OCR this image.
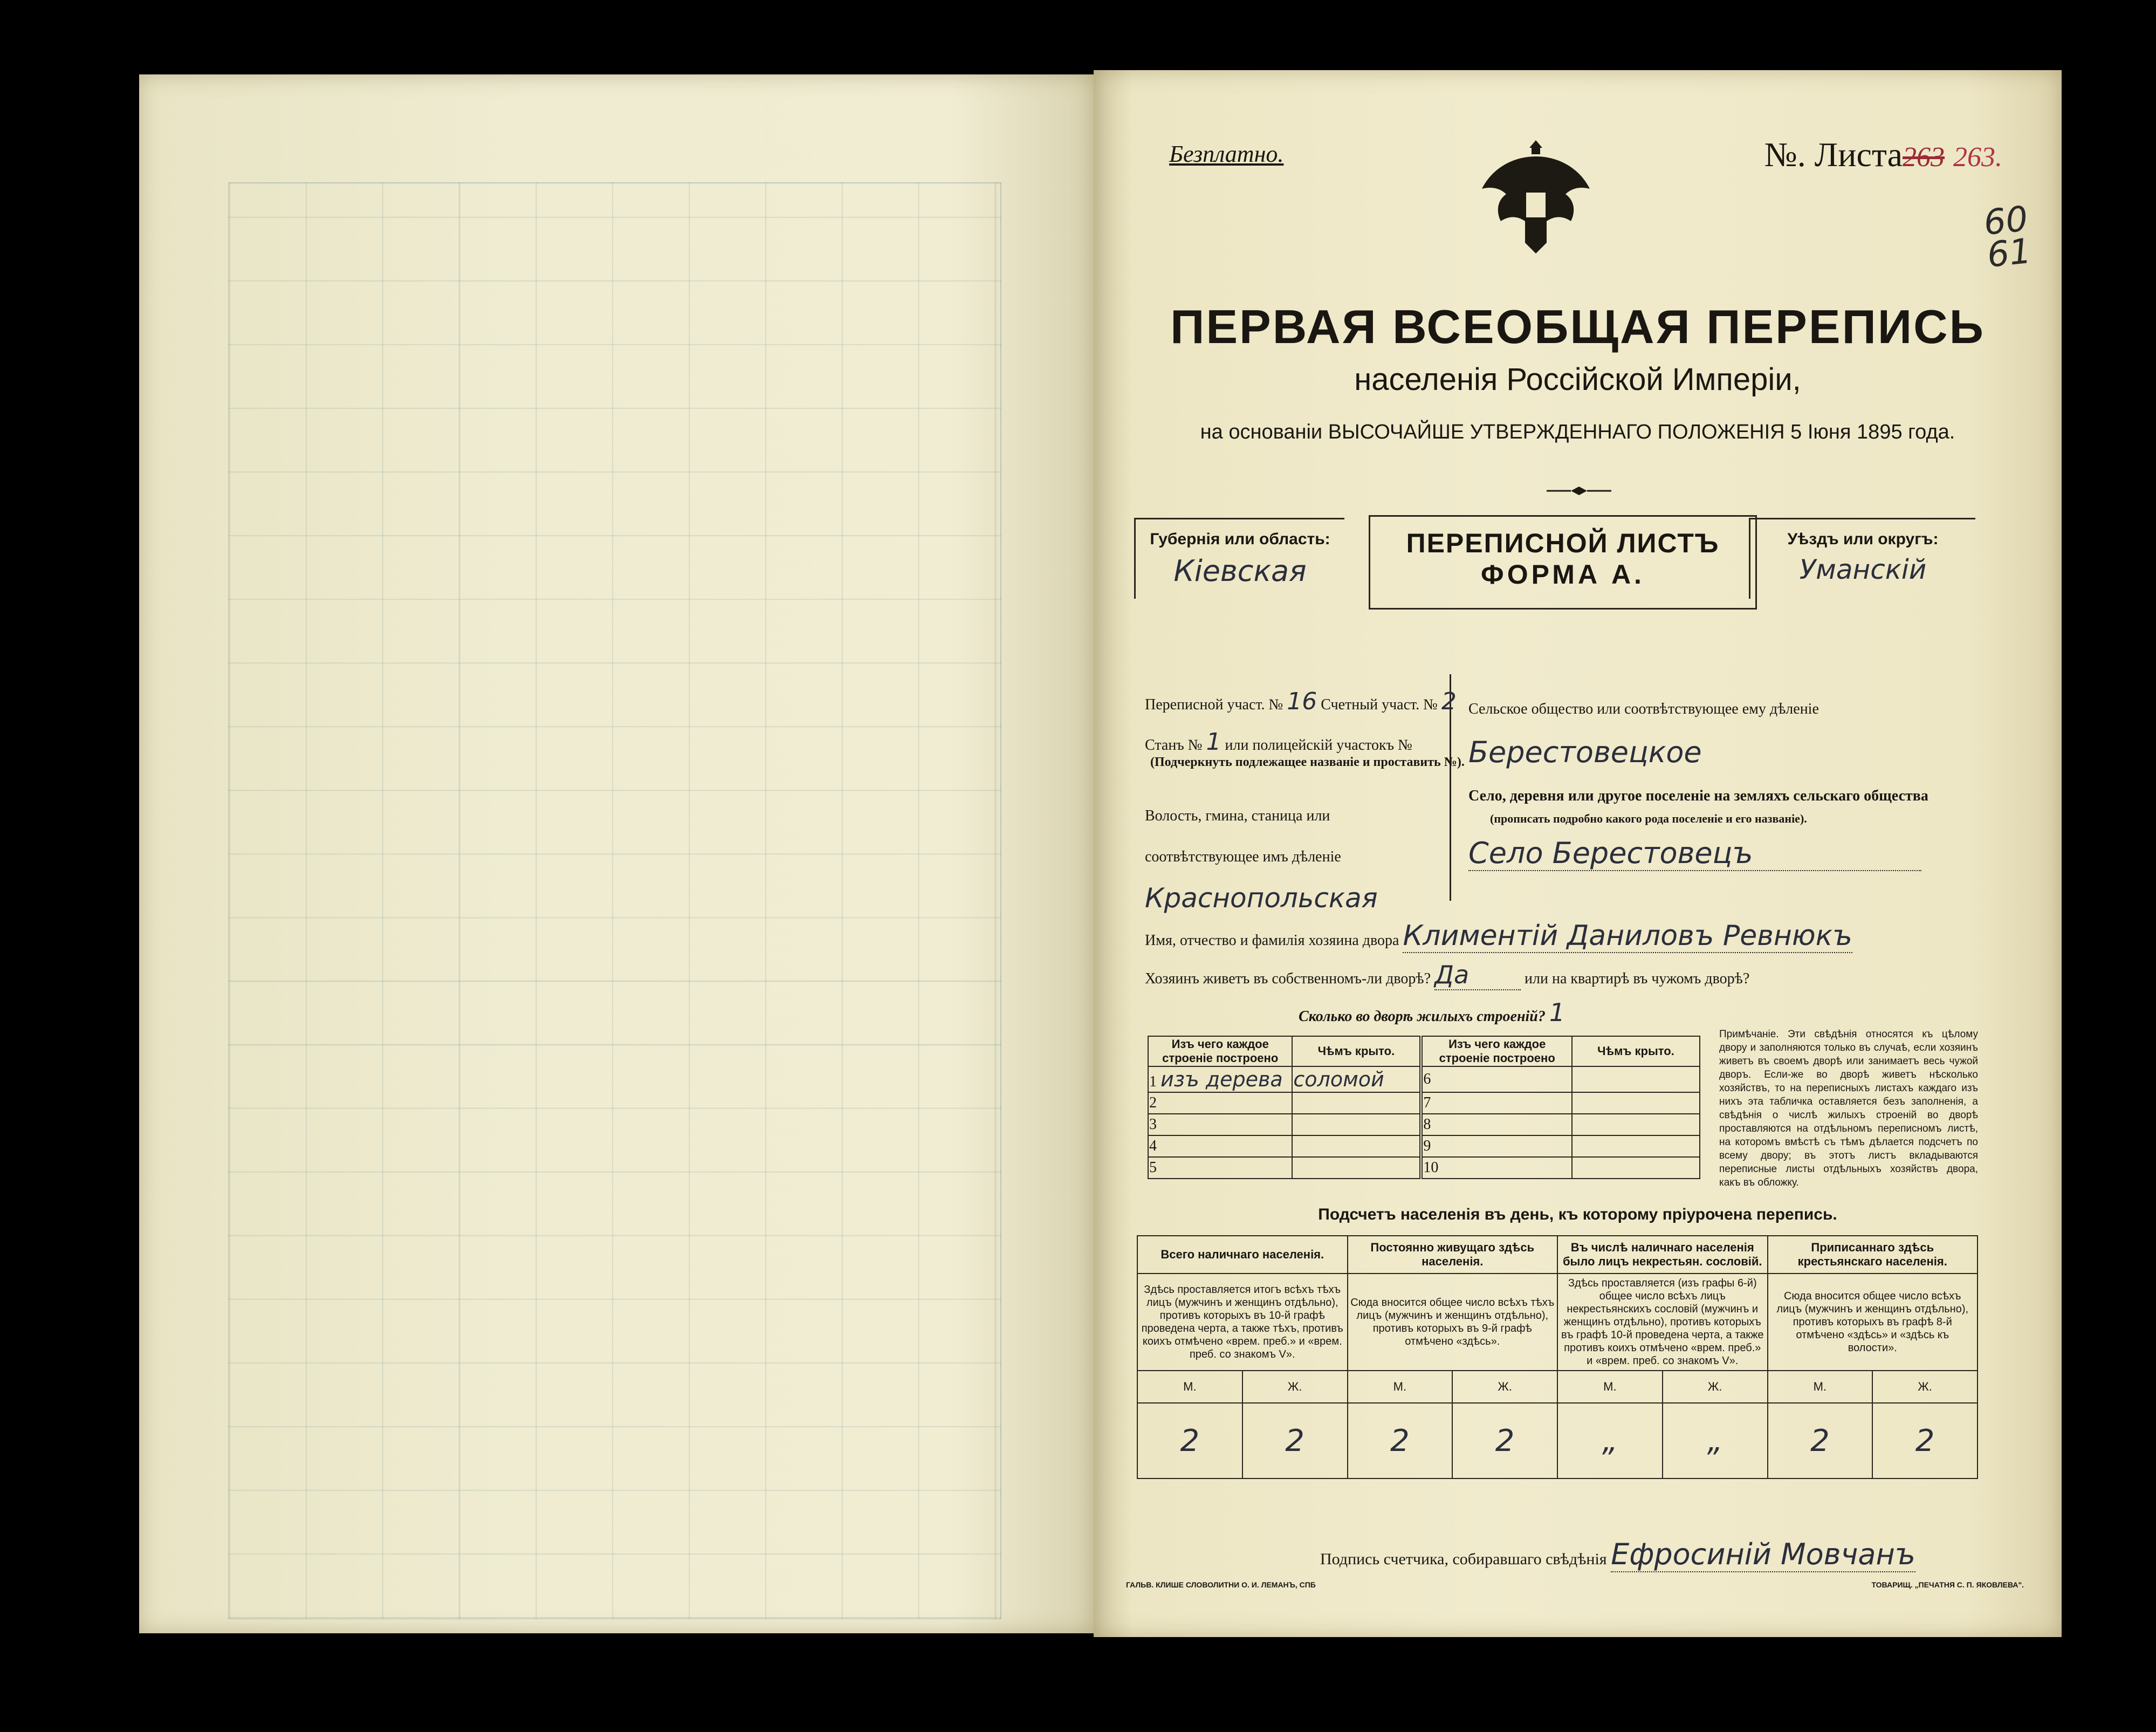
Безплатно.	№. Листа263 263.
60
61
ПЕРВАЯ ВСЕОБЩАЯ ПЕРЕПИСЬ
населенія Россійской Имперіи,
на основаніи ВЫСОЧАЙШЕ УТВЕРЖДЕННАГО ПОЛОЖЕНІЯ 5 Іюня 1895 года.
Губернія или область:
Кіевская
ПЕРЕПИСНОЙ ЛИСТЪ
ФОРМА А.
Уѣздъ или округъ:
Уманскій
Переписной участ. № 16 Счетный участ. № 2
Станъ № 1 или полицейскій участокъ №
(Подчеркнуть подлежащее названіе и проставить №).
Волость, гмина, станица или соотвѣтствующее имъ дѣленіе Краснопольская
Сельское общество или соотвѣтствующее ему дѣленіе Берестовецкое
Село, деревня или другое поселеніе на земляхъ сельскаго общества
(прописать подробно какого рода поселеніе и его названіе).
Село Берестовецъ
Имя, отчество и фамилія хозяина двора Климентій Даниловъ Ревнюкъ
Хозяинъ живетъ въ собственномъ-ли дворѣ? Да	или на квартирѣ въ чужомъ дворѣ?
Сколько во дворѣ жилыхъ строеній? 1
Изъ чего каждое строеніе построено	Чѣмъ крыто.	Изъ чего каждое строеніе построено	Чѣмъ крыто.
1 изъ дерева	соломой	6	
2		7	
3		8	
4		9	
5		10	
Примѣчаніе. Эти свѣдѣнія относятся къ цѣлому двору и заполняются только въ случаѣ, если хозяинъ живетъ въ своемъ дворѣ или занимаетъ весь чужой дворъ. Если-же во дворѣ живетъ нѣсколько хозяйствъ, то на переписныхъ листахъ каждаго изъ нихъ эта табличка оставляется безъ заполненія, а свѣдѣнія о числѣ жилыхъ строеній во дворѣ проставляются на отдѣльномъ переписномъ листѣ, на которомъ вмѣстѣ съ тѣмъ дѣлается подсчетъ по всему двору; въ этотъ листъ вкладываются переписные листы отдѣльныхъ хозяйствъ двора, какъ въ обложку.
Подсчетъ населенія въ день, къ которому пріурочена перепись.
Всего наличнаго населенія.		Постоянно живущаго здѣсь населенія.		Въ числѣ наличнаго населенія было лицъ некрестьян. сословій.		Приписаннаго здѣсь крестьянскаго населенія.	
Здѣсь проставляется итогъ всѣхъ тѣхъ лицъ (мужчинъ и женщинъ отдѣльно), противъ которыхъ въ 10-й графѣ проведена черта, а также тѣхъ, противъ коихъ отмѣчено «врем. преб.» и «врем. преб. со знакомъ V».		Сюда вносится общее число всѣхъ тѣхъ лицъ (мужчинъ и женщинъ отдѣльно), противъ которыхъ въ 9-й графѣ отмѣчено «здѣсь».		Здѣсь проставляется (изъ графы 6-й) общее число всѣхъ лицъ некрестьянскихъ сословій (мужчинъ и женщинъ отдѣльно), противъ которыхъ въ графѣ 10-й проведена черта, а также противъ коихъ отмѣчено «врем. преб.» и «врем. преб. со знакомъ V».		Сюда вносится общее число всѣхъ лицъ (мужчинъ и женщинъ отдѣльно), противъ которыхъ въ графѣ 8-й отмѣчено «здѣсь» и «здѣсь къ волости».	
М.	Ж.	М.	Ж.	М.	Ж.	М.	Ж.
2	2	2	2	„	„	2	2
Подпись счетчика, собиравшаго свѣдѣнія Ефросиній Мовчанъ
ГАЛЬВ. КЛИШЕ СЛОВОЛИТНИ О. И. ЛЕМАНЪ, СПБ	ТОВАРИЩ. „ПЕЧАТНЯ С. П. ЯКОВЛЕВА".
